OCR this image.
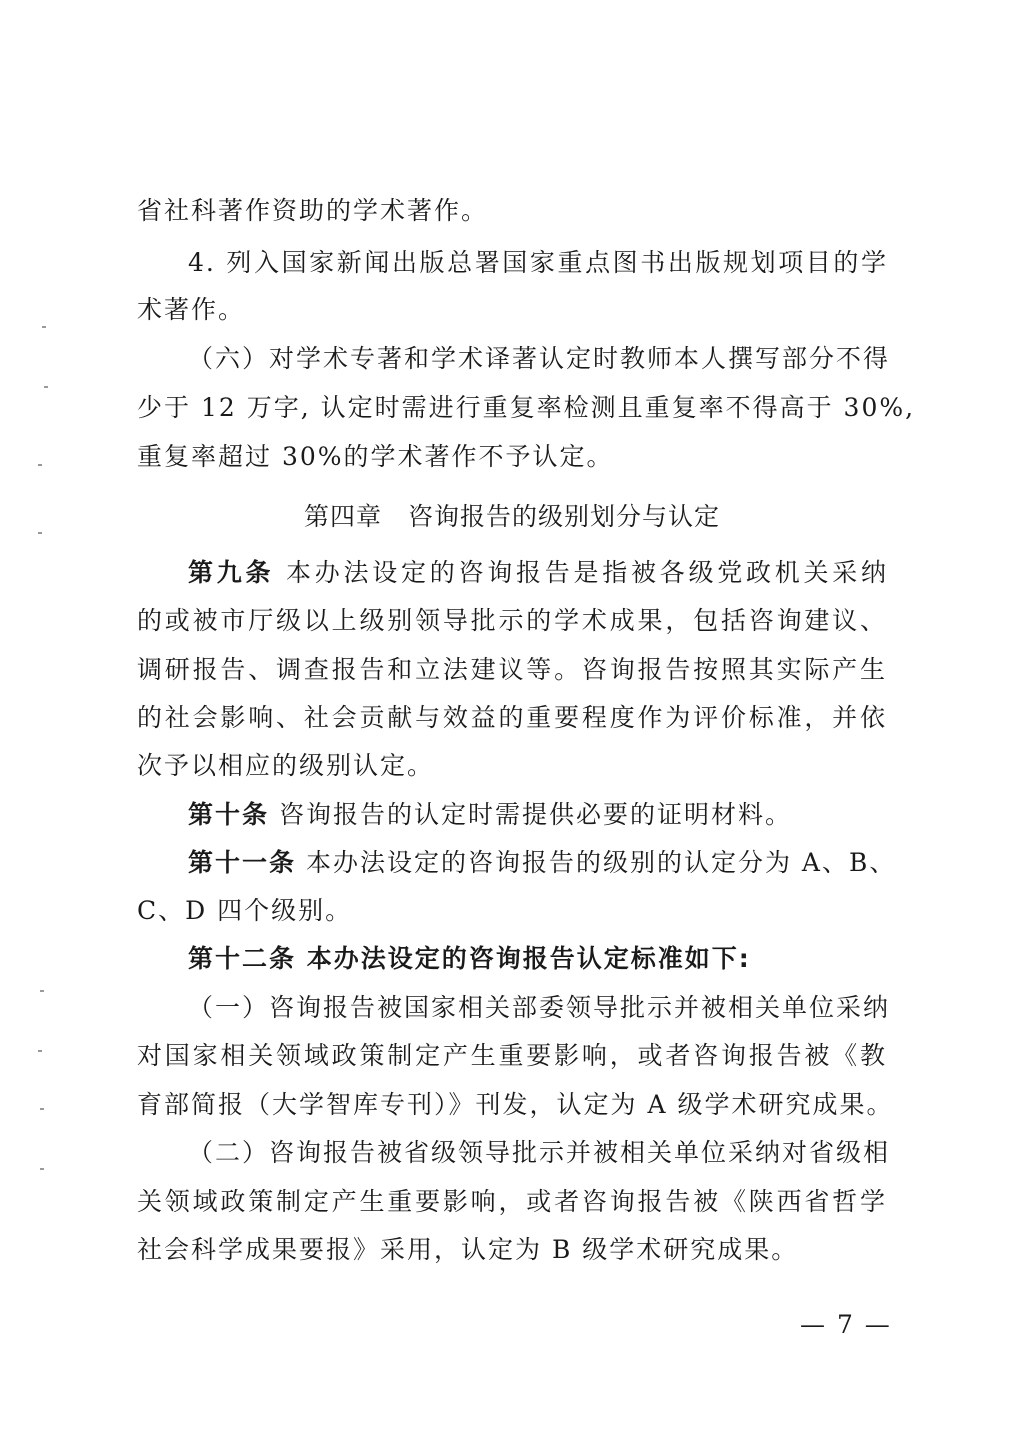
省社科著作资助的学术著作。
4. 列入国家新闻出版总署国家重点图书出版规划项目的学
术著作。
（六）对学术专著和学术译著认定时教师本人撰写部分不得
少于 12 万字, 认定时需进行重复率检测且重复率不得高于 30%,
重复率超过 30%的学术著作不予认定。
第四章　咨询报告的级别划分与认定
第九条 本办法设定的咨询报告是指被各级党政机关采纳
的或被市厅级以上级别领导批示的学术成果，包括咨询建议、
调研报告、调查报告和立法建议等。咨询报告按照其实际产生
的社会影响、社会贡献与效益的重要程度作为评价标准，并依
次予以相应的级别认定。
第十条 咨询报告的认定时需提供必要的证明材料。
第十一条 本办法设定的咨询报告的级别的认定分为 A、B、
C、D 四个级别。
第十二条 本办法设定的咨询报告认定标准如下:
（一）咨询报告被国家相关部委领导批示并被相关单位采纳
对国家相关领域政策制定产生重要影响，或者咨询报告被《教
育部简报（大学智库专刊）》刊发，认定为 A 级学术研究成果。
（二）咨询报告被省级领导批示并被相关单位采纳对省级相
关领域政策制定产生重要影响，或者咨询报告被《陕西省哲学
社会科学成果要报》采用，认定为 B 级学术研究成果。
— 7 —
